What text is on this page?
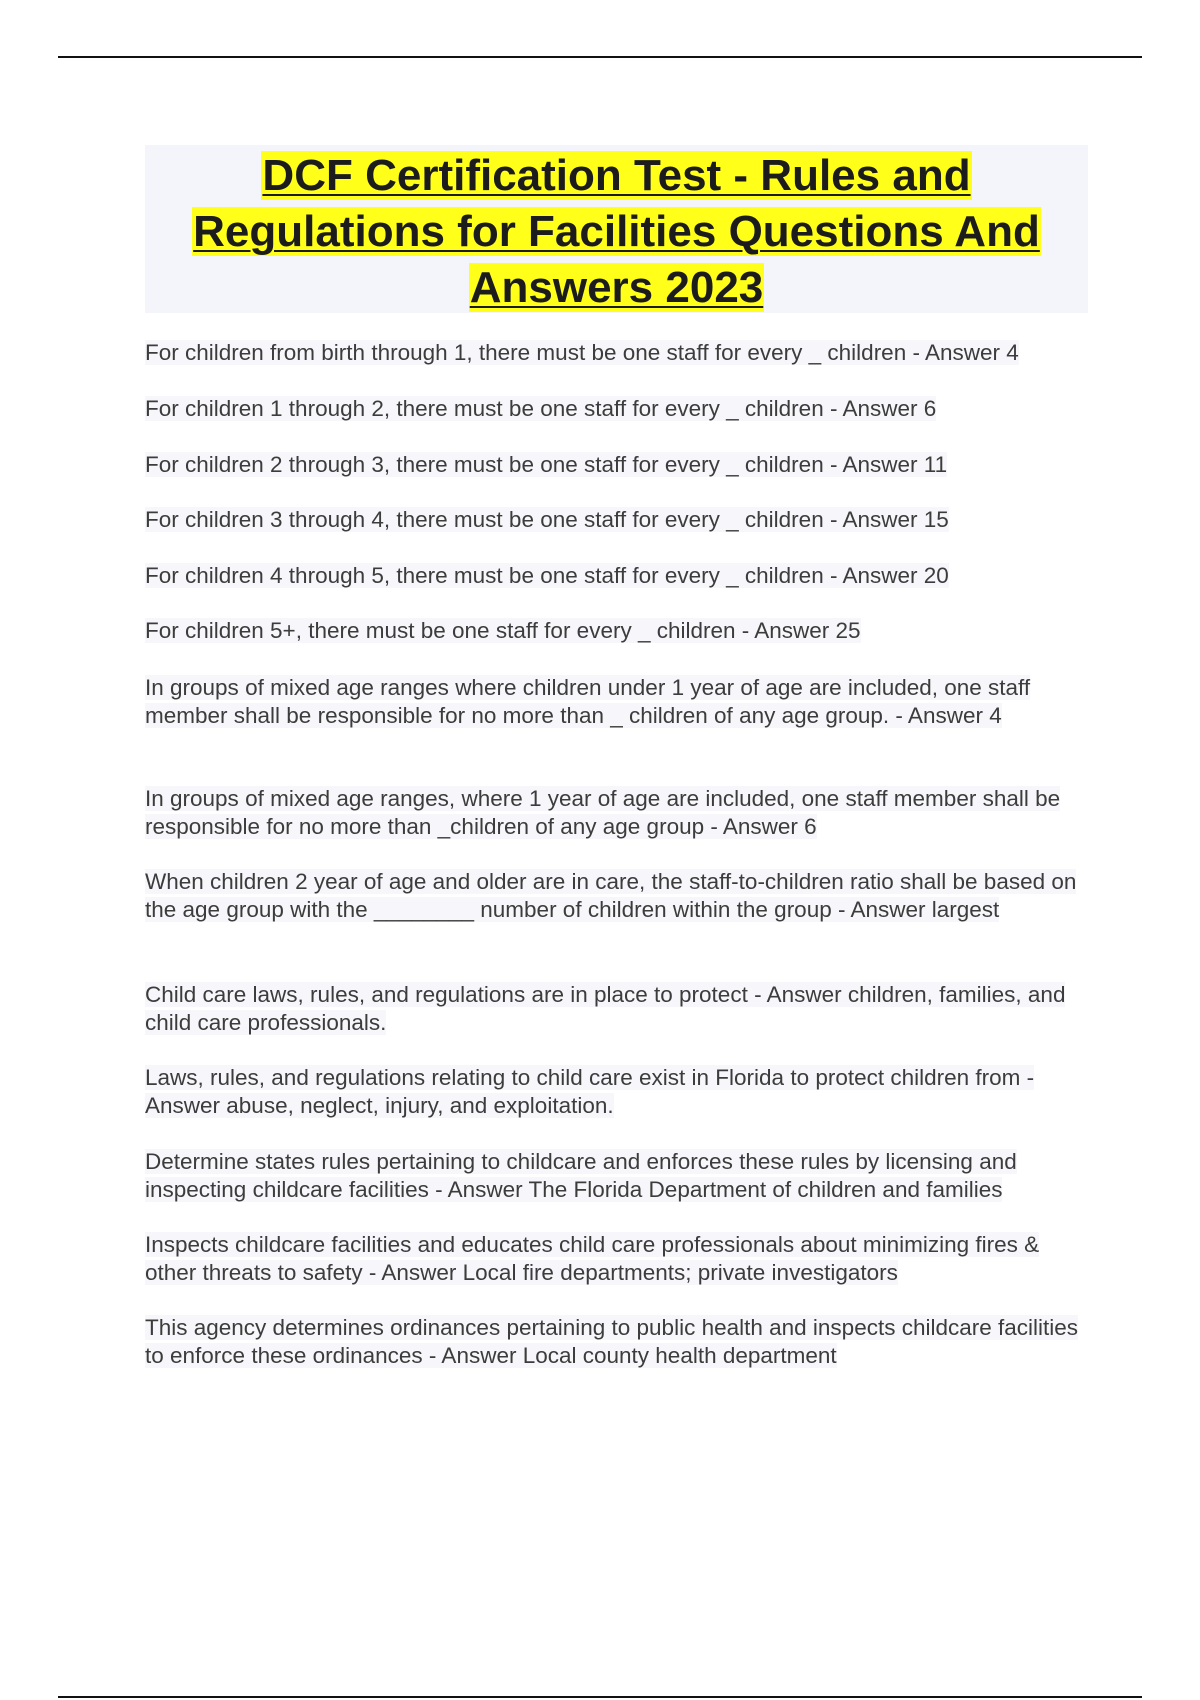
DCF Certification Test - Rules and Regulations for Facilities Questions And Answers 2023

For children from birth through 1, there must be one staff for every _ children - Answer 4

For children 1 through 2, there must be one staff for every _ children - Answer 6

For children 2 through 3, there must be one staff for every _ children - Answer 11

For children 3 through 4, there must be one staff for every _ children - Answer 15

For children 4 through 5, there must be one staff for every _ children - Answer 20

For children 5+, there must be one staff for every _ children - Answer 25

In groups of mixed age ranges where children under 1 year of age are included, one staff member shall be responsible for no more than _ children of any age group. - Answer 4

In groups of mixed age ranges, where 1 year of age are included, one staff member shall be responsible for no more than _children of any age group - Answer 6

When children 2 year of age and older are in care, the staff-to-children ratio shall be based on the age group with the ________ number of children within the group - Answer largest

Child care laws, rules, and regulations are in place to protect - Answer children, families, and child care professionals.

Laws, rules, and regulations relating to child care exist in Florida to protect children from - Answer abuse, neglect, injury, and exploitation.

Determine states rules pertaining to childcare and enforces these rules by licensing and inspecting childcare facilities - Answer The Florida Department of children and families

Inspects childcare facilities and educates child care professionals about minimizing fires & other threats to safety - Answer Local fire departments; private investigators

This agency determines ordinances pertaining to public health and inspects childcare facilities to enforce these ordinances - Answer Local county health department
